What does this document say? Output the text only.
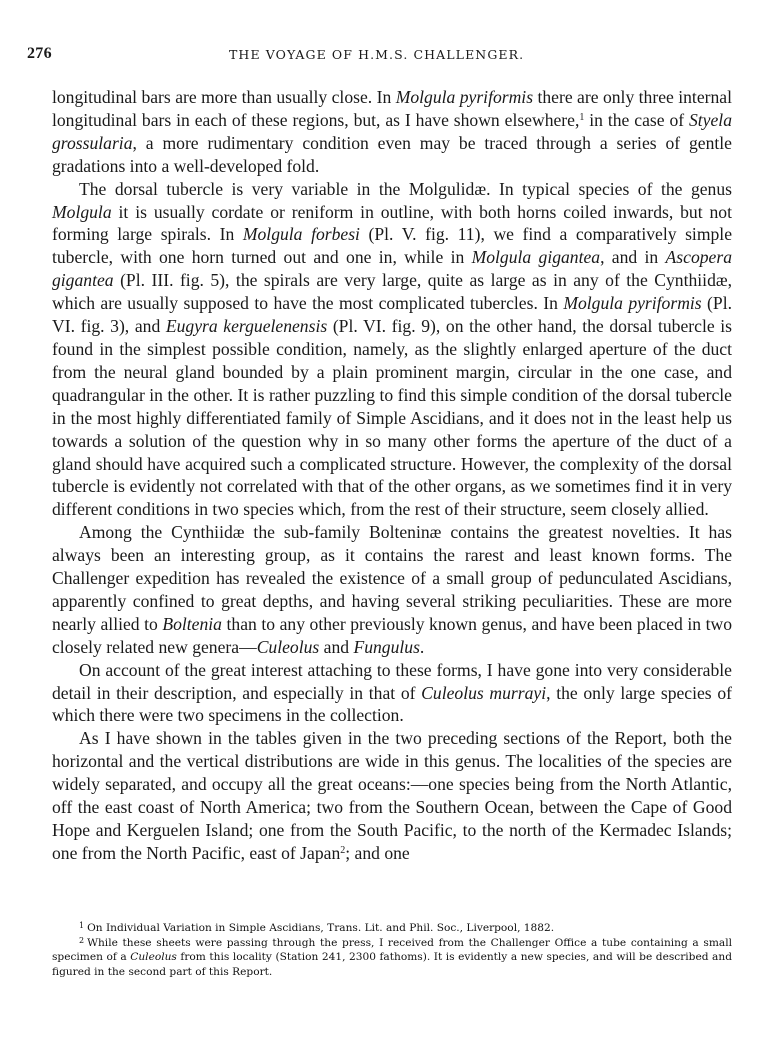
276	THE VOYAGE OF H.M.S. CHALLENGER.

longitudinal bars are more than usually close. In Molgula pyriformis there are only three internal longitudinal bars in each of these regions, but, as I have shown elsewhere,$^1$ in the case of Styela grossularia, a more rudimentary condition even may be traced through a series of gentle gradations into a well-developed fold.

The dorsal tubercle is very variable in the Molgulidæ. In typical species of the genus Molgula it is usually cordate or reniform in outline, with both horns coiled inwards, but not forming large spirals. In Molgula forbesi (Pl. V. fig. 11), we find a comparatively simple tubercle, with one horn turned out and one in, while in Molgula gigantea, and in Ascopera gigantea (Pl. III. fig. 5), the spirals are very large, quite as large as in any of the Cynthiidæ, which are usually supposed to have the most complicated tubercles. In Molgula pyriformis (Pl. VI. fig. 3), and Eugyra kerguelenensis (Pl. VI. fig. 9), on the other hand, the dorsal tubercle is found in the simplest possible condition, namely, as the slightly enlarged aperture of the duct from the neural gland bounded by a plain prominent margin, circular in the one case, and quadrangular in the other. It is rather puzzling to find this simple condition of the dorsal tubercle in the most highly differentiated family of Simple Ascidians, and it does not in the least help us towards a solution of the question why in so many other forms the aperture of the duct of a gland should have acquired such a complicated structure. However, the complexity of the dorsal tubercle is evidently not correlated with that of the other organs, as we sometimes find it in very different conditions in two species which, from the rest of their structure, seem closely allied.

Among the Cynthiidæ the sub-family Bolteninæ contains the greatest novelties. It has always been an interesting group, as it contains the rarest and least known forms. The Challenger expedition has revealed the existence of a small group of pedunculated Ascidians, apparently confined to great depths, and having several striking peculiarities. These are more nearly allied to Boltenia than to any other previously known genus, and have been placed in two closely related new genera—Culeolus and Fungulus.

On account of the great interest attaching to these forms, I have gone into very considerable detail in their description, and especially in that of Culeolus murrayi, the only large species of which there were two specimens in the collection.

As I have shown in the tables given in the two preceding sections of the Report, both the horizontal and the vertical distributions are wide in this genus. The localities of the species are widely separated, and occupy all the great oceans:—one species being from the North Atlantic, off the east coast of North America; two from the Southern Ocean, between the Cape of Good Hope and Kerguelen Island; one from the South Pacific, to the north of the Kermadec Islands; one from the North Pacific, east of Japan$^2$; and one

$^1$ On Individual Variation in Simple Ascidians, Trans. Lit. and Phil. Soc., Liverpool, 1882.

$^2$ While these sheets were passing through the press, I received from the Challenger Office a tube containing a small specimen of a Culeolus from this locality (Station 241, 2300 fathoms). It is evidently a new species, and will be described and figured in the second part of this Report.
